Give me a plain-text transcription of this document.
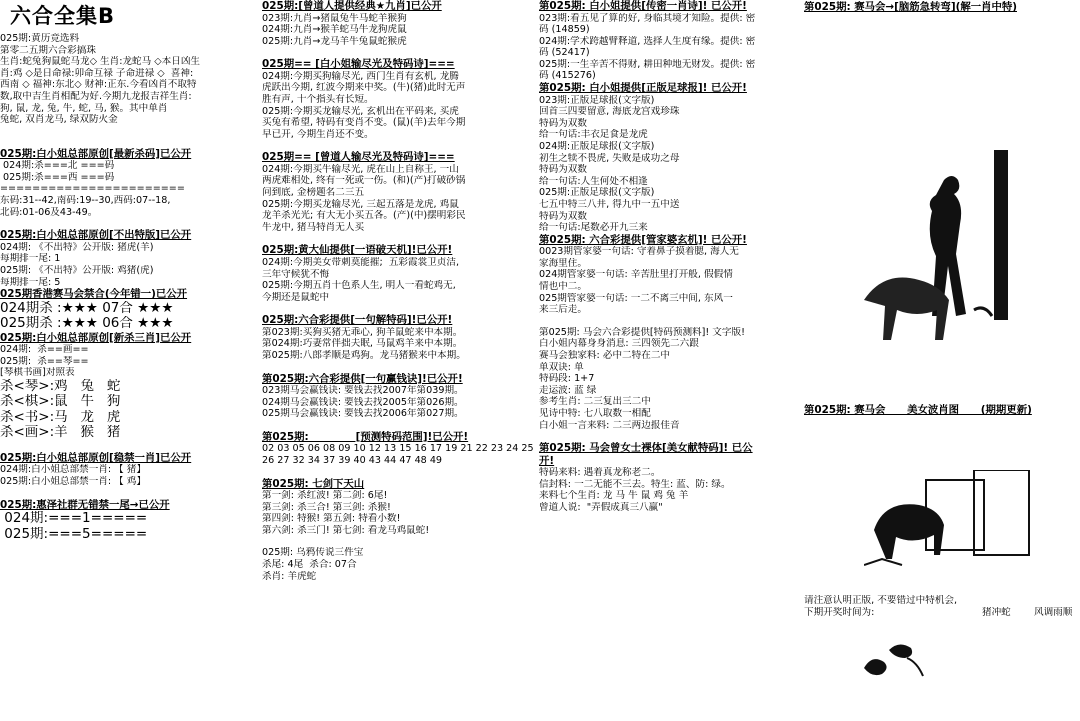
六合全集B
025期:黄历竞选料
第零二五期六合彩搞珠
生肖:蛇兔狗鼠蛇马龙◇ 生肖:龙蛇马 ◇本日凶生
肖:鸡 ◇是日命禄:卯命互禄 子命进禄 ◇  喜神:
西南 ◇ 福神:东北◇ 财神:正东.今看凶肖不取特
数,取中吉生肖相配为好.今期九龙报吉祥生肖:
狗, 鼠, 龙, 兔, 牛, 蛇, 马, 猴。其中单肖
兔蛇, 双肖龙马, 绿双防火金
025期:白小姐总部原创[最新杀码]已公开
024期:杀===北 ===码
025期:杀===西 ===码
=======================
东码:31--42,南码:19--30,西码:07--18,
北码:01-06及43-49。
025期:白小姐总部原创[不出特版]已公开
024期: 《不出特》公开版: 猪虎(羊)
每期排一尾: 1
025期: 《不出特》公开版: 鸡猪(虎)
每期排一尾: 5
025期香港赛马会禁合(今年错一)已公开
024期杀 :★★★ 07合 ★★★
025期杀 :★★★ 06合 ★★★
025期:白小姐总部原创[新杀三肖]已公开
024期:  杀==画==
025期:  杀==琴==
[琴棋书画]对照表
杀<琴>:鸡   兔   蛇
杀<棋>:鼠   牛   狗
杀<书>:马   龙   虎
杀<画>:羊   猴   猪
025期:白小姐总部原创[稳禁一肖]已公开
024期:白小姐总部禁一肖: 【 猪】
025期:白小姐总部禁一肖: 【 鸡】
025期:惠泽社群无错禁一尾→已公开
024期:===1=====
025期:===5=====
025期:[曾道人提供经典★九肖]已公开
023期:九肖→猪鼠兔牛马蛇羊猴狗
024期:九肖→猴羊蛇马牛龙狗虎鼠
025期:九肖→龙马羊牛兔鼠蛇猴虎
025期== [白小姐输尽光及特码诗]===
024期:今期买狗输尽光, 西门生肖有玄机, 龙腾
虎跃出今期, 红波今期来中奖。(牛)(猪)此时无声
胜有声, 十个指头有长短。
025期:今期买龙输尽光, 玄机出在平码来, 买虎
买兔有希望, 特码有变肖不变。(鼠)(羊)去年今期
早已开, 今期生肖还不变。
025期== [曾道人输尽光及特码诗]===
024期:今期买牛输尽光, 虎在山上自称王, 一山
两虎难相处, 终有一死或一伤。(和)(产)打破砂锅
问到底, 金榜题名二三五
025期:今期买龙输尽光, 三起五落是龙虎, 鸡鼠
龙羊杀光光; 有大无小买五各。(产)(中)摆明彩民
牛龙中, 猪马特肖无人买
025期:黄大仙提供[一语破天机]!已公开!
024期:今期美女带刺莫能摧;  五彩霞裳卫贞洁,
三年守候犹不悔
025期:今期五肖十色系人生, 明人一看蛇鸡无,
今期还是鼠蛇中
025期:六合彩提供[一句解特码]!已公开!
第023期:买狗买猪无乖心, 狗羊鼠蛇来中本期。
第024期:巧妻常伴拙夫眠, 马鼠鸡羊来中本期。
第025期:八郎孝顺是鸡狗。龙马猪猴来中本期。
第025期:六合彩提供[一句赢钱诀]!已公开!
023期马会赢钱诀: 要钱去找2007年第039期。
024期马会赢钱诀: 要钱去找2005年第026期。
025期马会赢钱诀: 要钱去找2006年第027期。
第025期:             [预测特码范围]!已公开!
02 03 05 06 08 09 10 12 13 15 16 17 19 21 22 23 24 25
26 27 32 34 37 39 40 43 44 47 48 49
第025期: 七剑下天山
第一剑: 杀红波! 第二剑: 6尾!
第三剑: 杀三合! 第三剑: 杀猴!
第四剑: 特猴! 第五剑: 特看小数!
第六剑: 杀三门! 第七剑: 看龙马鸡鼠蛇!
025期: 乌鸦传说三件宝
杀尾: 4尾  杀合: 07合
杀肖: 羊虎蛇
第025期: 白小姐提供[传密一肖诗]! 已公开!
023期:看五见了算的好, 身临其境才知险。提供: 密
码 (14859)
024期:学术跨越臂释道, 选择人生度有缘。提供: 密
码 (52417)
025期:一生辛苦不得财, 耕田种地无财发。提供: 密
码 (415276)
第025期: 白小姐提供[正版足球报]! 已公开!
023期:正版足球报(文字版)
回首三四要留意, 海底龙宫戏珍珠
特码为双数
给一句话:丰衣足食是龙虎
024期:正版足球报(文字版)
初生之犊不畏虎, 失败是成功之母
特码为双数
给一句话:人生何处不相逢
025期:正版足球报(文字版)
七五中特三八井, 得九中一五中送
特码为双数
给一句话:尾数必开九三来
第025期: 六合彩提供[管家婆玄机]! 已公开!
0023期管家婆一句话: 守着鼻子摸着腮, 海人无
家海里住。
024期管家婆一句话: 辛苦肚里打开般, 假假情
情也中二。
025期管家婆一句话: 一二不离三中间, 东风一
来三后走。
第025期: 马会六合彩提供[特码预测料]! 文字版!
白小姐内幕身身消息: 三四领先二六跟
赛马会独家料: 必中二特在二中
单双诀: 单
特码段: 1+7
走运波: 蓝 绿
参考生肖: 二三复出三二中
见诗中特: 七八取数一相配
白小姐一言来料: 二三两边报佳音
第025期: 马会曾女士裸体[美女献特码]! 已公
开!
特码来料: 遇着真龙称老二。
信封料: 一二无能不三去。特生: 蓝、防: 绿。
来料七个生肖: 龙 马 牛 鼠 鸡 兔 羊
曾道人说:  "弄假成真三八赢"
第025期: 赛马会→[脑筋急转弯](解一肖中特)
第025期: 赛马会      美女波肖图      (期期更新)
请注意认明正版, 不要错过中特机会,
下期开奖时间为:	猪冲蛇 风调雨顺
